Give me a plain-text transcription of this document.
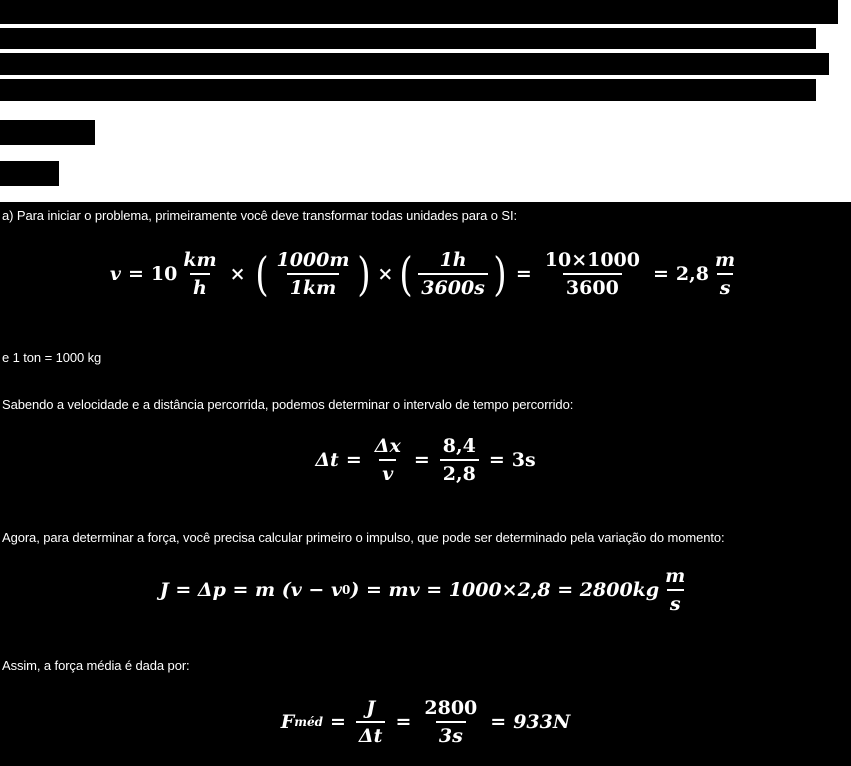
a) Para iniciar o problema, primeiramente você deve transformar todas unidades para o SI:
$v = 10 \frac{km}{h}$ × ( $\frac{1000m}{1km}$ ) × ( $\frac{1h}{3600s}$ ) = $\frac{10\times 1000}{3600} = 2,8 \frac{m}{s}$
e 1 ton = 1000 kg
Sabendo a velocidade e a distância percorrida, podemos determinar o intervalo de tempo percorrido:
$\Delta t = \frac{\Delta x}{v} = \frac{8,4}{2,8} = 3s$
Agora, para determinar a força, você precisa calcular primeiro o impulso, que pode ser determinado pela variação do momento:
J = Δp = m (v − v 0 ) = mv = $1000\times 2,8 = 2800kg \frac{m}{s}$
Assim, a força média é dada por:
F méd = $\frac{J}{\Delta t} = \frac{2800}{3s} = 933N$
